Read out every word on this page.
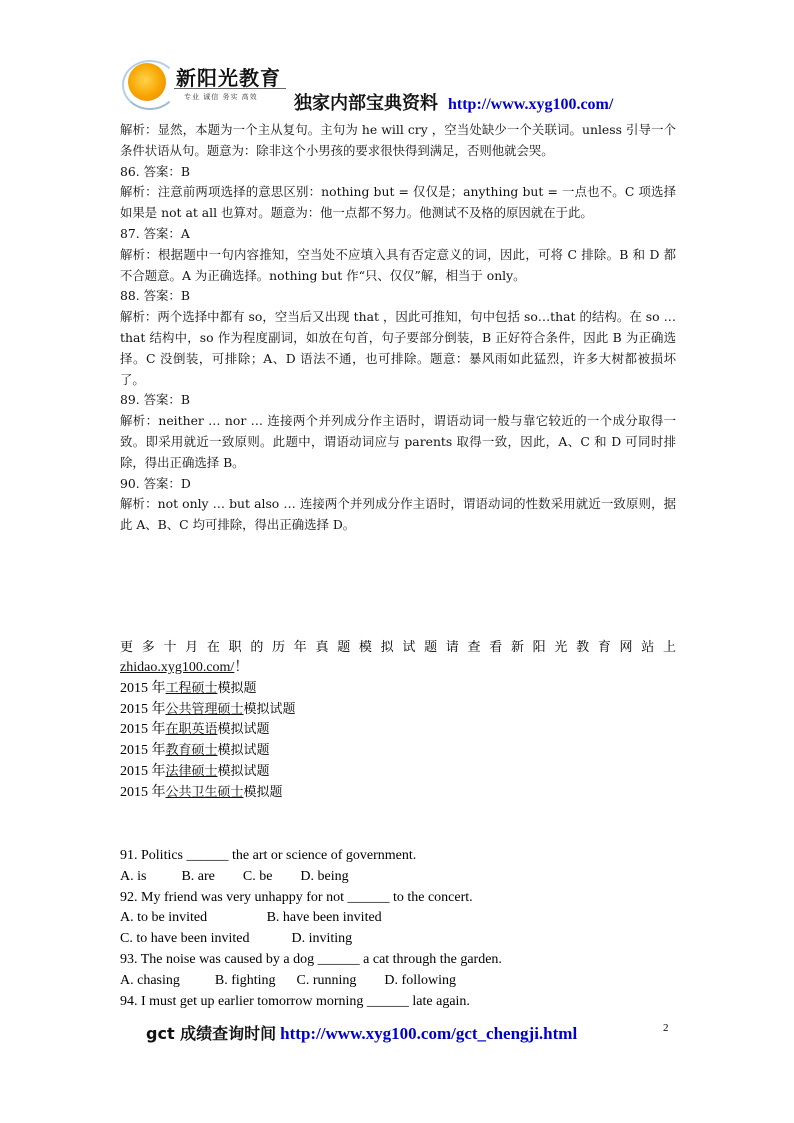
新阳光教育
专业 诚信 务实 高效 独家内部宝典资料 http://www.xyg100.com/

解析：显然，本题为一个主从复句。主句为 he will cry ，空当处缺少一个关联词。unless 引导一个条件状语从句。题意为：除非这个小男孩的要求很快得到满足，否则他就会哭。

86. 答案：B

解析：注意前两项选择的意思区别：nothing but = 仅仅是；anything but = 一点也不。C 项选择如果是 not at all 也算对。题意为：他一点都不努力。他测试不及格的原因就在于此。

87. 答案：A

解析：根据题中一句内容推知，空当处不应填入具有否定意义的词，因此，可将 C 排除。B 和 D 都不合题意。A 为正确选择。nothing but 作“只、仅仅”解，相当于 only。

88. 答案：B

解析：两个选择中都有 so，空当后又出现 that ，因此可推知，句中包括 so…that 的结构。在 so … that 结构中，so 作为程度副词，如放在句首，句子要部分倒装，B 正好符合条件，因此 B 为正确选择。C 没倒装，可排除；A、D 语法不通，也可排除。题意：暴风雨如此猛烈，许多大树都被损坏了。

89. 答案：B

解析：neither … nor … 连接两个并列成分作主语时，谓语动词一般与靠它较近的一个成分取得一致。即采用就近一致原则。此题中，谓语动词应与 parents 取得一致，因此，A、C 和 D 可同时排除，得出正确选择 B。

90. 答案：D

解析：not only … but also … 连接两个并列成分作主语时，谓语动词的性数采用就近一致原则，据此 A、B、C 均可排除，得出正确选择 D。

更多十月在职的历年真题模拟试题请查看新阳光教育网站上

zhidao.xyg100.com/！

2015 年工程硕士模拟题

2015 年公共管理硕士模拟试题

2015 年在职英语模拟试题

2015 年教育硕士模拟试题

2015 年法律硕士模拟试题

2015 年公共卫生硕士模拟题

91. Politics ______ the art or science of government.

A. is          B. are        C. be        D. being

92. My friend was very unhappy for not ______ to the concert.

A. to be invited                 B. have been invited

C. to have been invited            D. inviting

93. The noise was caused by a dog ______ a cat through the garden.

A. chasing          B. fighting      C. running        D. following

94. I must get up earlier tomorrow morning ______ late again.

gct 成绩查询时间 http://www.xyg100.com/gct_chengji.html	2
